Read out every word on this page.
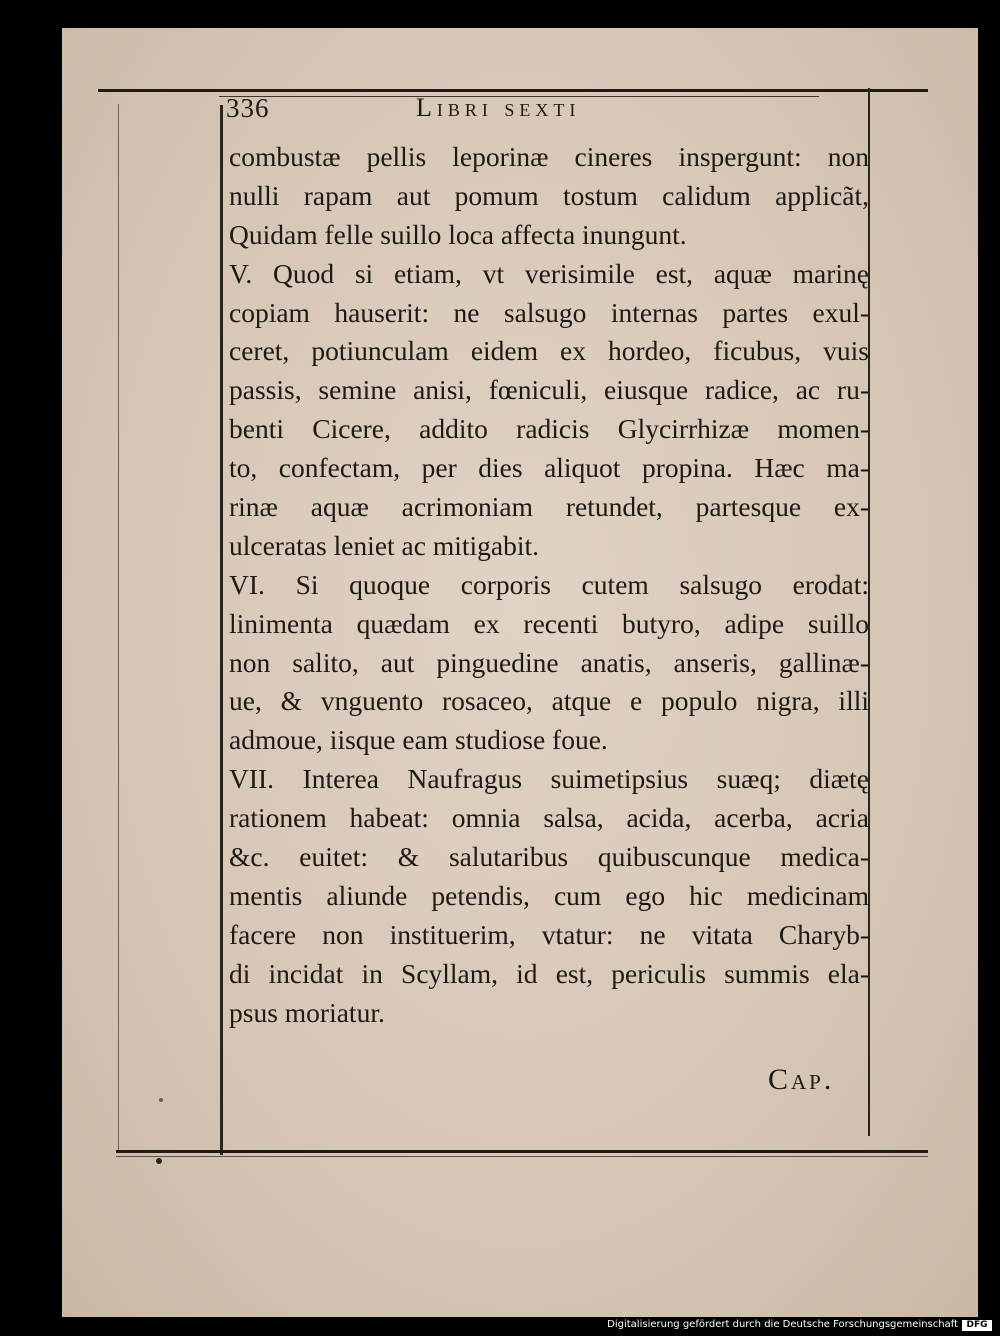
336	Libri sexti
combustæ pellis leporinæ cineres inspergunt: non
nulli rapam aut pomum tostum calidum applicãt,
Quidam felle suillo loca affecta inungunt.
V. Quod si etiam, vt verisimile est, aquæ marinę
copiam hauserit: ne salsugo internas partes exul-
ceret, potiunculam eidem ex hordeo, ficubus, vuis
passis, semine anisi, fœniculi, eiusque radice, ac ru-
benti Cicere, addito radicis Glycirrhizæ momen-
to, confectam, per dies aliquot propina. Hæc ma-
rinæ aquæ acrimoniam retundet, partesque ex-
ulceratas leniet ac mitigabit.
VI. Si quoque corporis cutem salsugo erodat:
linimenta quædam ex recenti butyro, adipe suillo
non salito, aut pinguedine anatis, anseris, gallinæ-
ue, & vnguento rosaceo, atque e populo nigra, illi
admoue, iisque eam studiose foue.
VII. Interea Naufragus suimetipsius suæq; diætę
rationem habeat: omnia salsa, acida, acerba, acria
&c. euitet: & salutaribus quibuscunque medica-
mentis aliunde petendis, cum ego hic medicinam
facere non instituerim, vtatur: ne vitata Charyb-
di incidat in Scyllam, id est, periculis summis ela-
psus moriatur.
Cap.
Digitalisierung gefördert durch die Deutsche Forschungsgemeinschaft DFG
